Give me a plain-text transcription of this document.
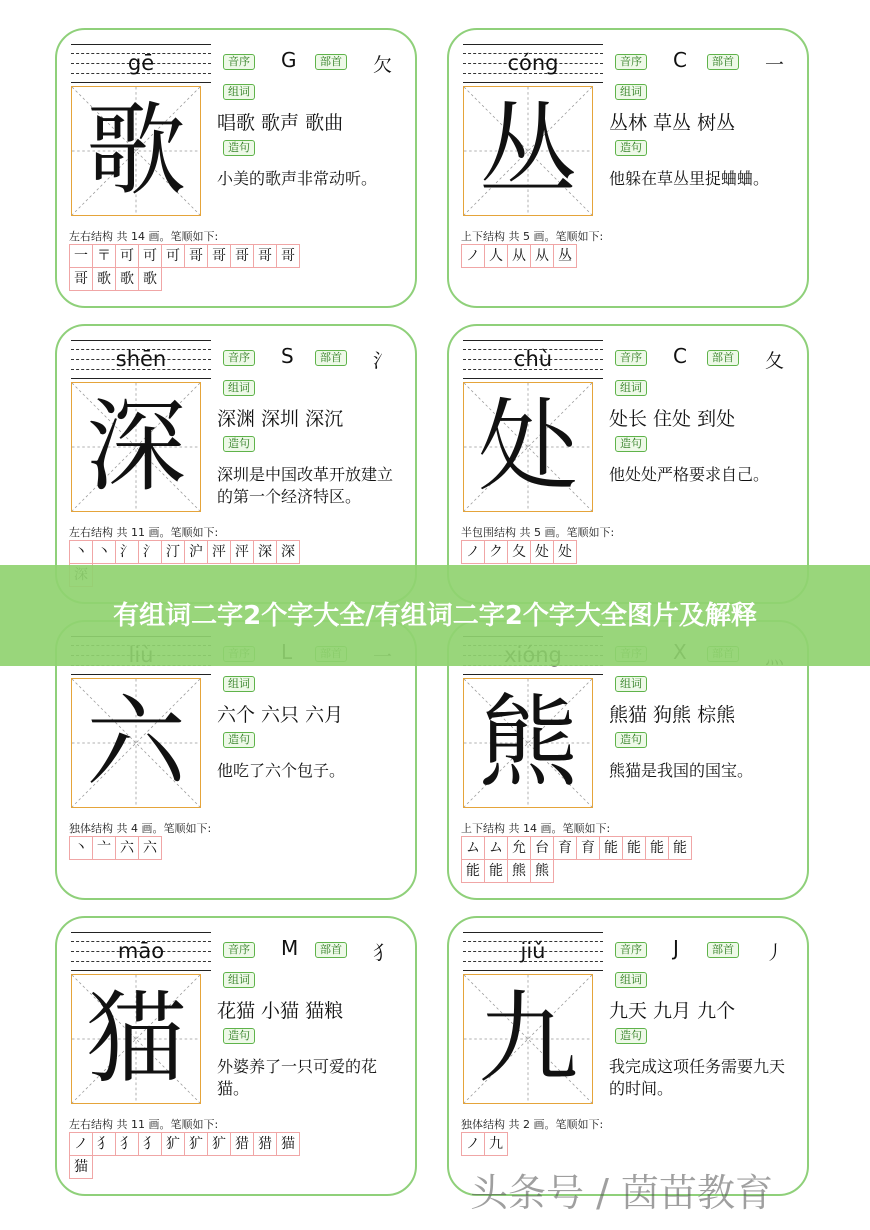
gē
歌
音序 G	部首 欠
组词
唱歌 歌声 歌曲
造句
小美的歌声非常动听。
左右结构 共 14 画。笔顺如下:
一 〒 可 可 可 哥 哥 哥 哥 哥
哥 歌 歌 歌
cóng
丛
音序 C	部首 一
组词
丛林 草丛 树丛
造句
他躲在草丛里捉蛐蛐。
上下结构 共 5 画。笔顺如下:
ノ 人 从 从 丛
shēn
深
音序 S	部首 氵
组词
深渊 深圳 深沉
造句
深圳是中国改革开放建立的第一个经济特区。
左右结构 共 11 画。笔顺如下:
丶 丶 氵 氵 汀 沪 泙 泙 深 深

chù
处
音序 C	部首 夂
组词
处长 住处 到处
造句
他处处严格要求自己。
半包围结构 共 5 画。笔顺如下:
ノ ク 夂 处 处
六
组词
六个 六只 六月
造句
他吃了六个包子。
独体结构 共 4 画。笔顺如下:
丶 亠 六 六
熊
组词
熊猫 狗熊 棕熊
造句
熊猫是我国的国宝。
上下结构 共 14 画。笔顺如下:
ム ム 允 台 育 育 能 能 能 能
能 能 熊 熊
māo
猫
音序 M	部首 犭
组词
花猫 小猫 猫粮
造句
外婆养了一只可爱的花猫。
左右结构 共 11 画。笔顺如下:
ノ 犭 犭 犭 犷 犷 犷 猎 猎 猫
猫
jiǔ
九
音序 J	部首 丿
组词
九天 九月 九个
造句
我完成这项任务需要九天的时间。
独体结构 共 2 画。笔顺如下:
ノ 九
有组词二字2个字大全/有组词二字2个字大全图片及解释
头条号 / 茵苗教育
